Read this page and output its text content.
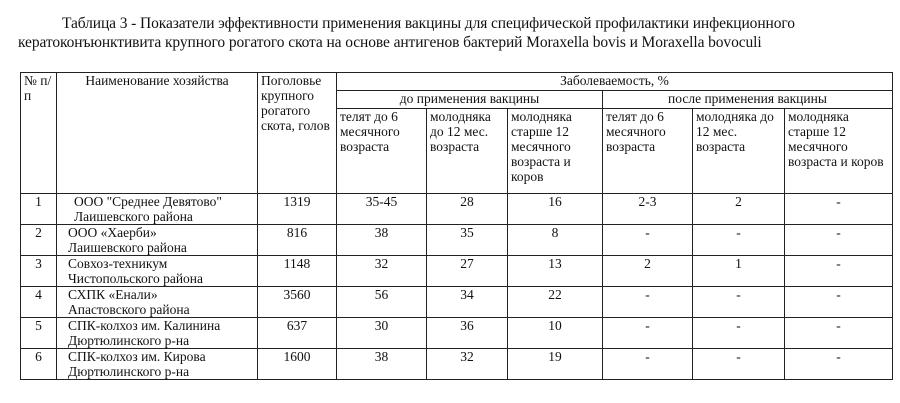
Таблица 3 - Показатели эффективности применения вакцины для специфической профилактики инфекционного
кератоконъюнктивита крупного рогатого скота на основе антигенов бактерий Moraxella bovis и Moraxella bovoculi
№ п/п	Наименование хозяйства	Поголовье крупного рогатого скота, голов	Заболеваемость, %					
			до применения вакцины			после применения вакцины		
			телят до 6 месячного возраста	молодняка до 12 мес. возраста	молодняка старше 12 месячного возраста и коров	телят до 6 месячного возраста	молодняка до 12 мес. возраста	молодняка старше 12 месячного возраста и коров
1	ООО "Среднее Девятово"
Лаишевского района	1319	35-45	28	16	2-3	2	-
2	ООО «Хаерби»
Лаишевского района	816	38	35	8	-	-	-
3	Совхоз-техникум
Чистопольского района	1148	32	27	13	2	1	-
4	СХПК «Енали»
Апастовского района	3560	56	34	22	-	-	-
5	СПК-колхоз им. Калинина
Дюртюлинского р-на	637	30	36	10	-	-	-
6	СПК-колхоз им. Кирова
Дюртюлинского р-на	1600	38	32	19	-	-	-
